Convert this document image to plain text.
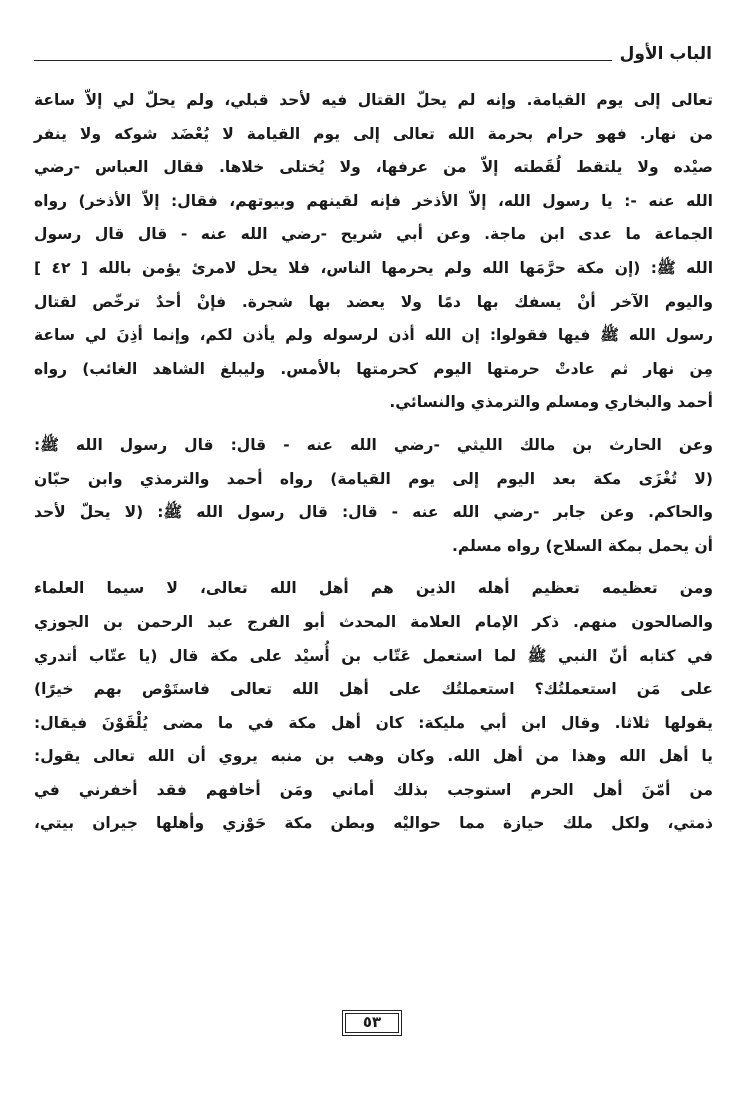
الباب الأول

تعالى إلى يوم القيامة. وإنه لم يحلّ القتال فيه لأحد قبلي، ولم يحلّ لي إلاّ ساعة
من نهار. فهو حرام بحرمة الله تعالى إلى يوم القيامة لا يُعْضَد شوكه ولا ينفر
صيْده ولا يلتقط لُقَطته إلاّ من عرفها، ولا يُختلى خلاها. فقال العباس -رضي
الله عنه -: يا رسول الله، إلاّ الأذخر فإنه لقينهم وبيوتهم، فقال: إلاّ الأذخر) رواه
الجماعة ما عدى ابن ماجة. وعن أبي شريح -رضي الله عنه - قال قال رسول
الله ﷺ: (إن مكة حرَّمَها الله ولم يحرمها الناس، فلا يحل لامرئ يؤمن بالله [ ٤٢ ]
واليوم الآخر أنْ يسفك بها دمًا ولا يعضد بها شجرة. فإنْ أحدٌ ترخّص لقتال
رسول الله ﷺ فيها فقولوا: إن الله أذن لرسوله ولم يأذن لكم، وإنما أذِنَ لي ساعة
مِن نهار ثم عادتْ حرمتها اليوم كحرمتها بالأمس. وليبلغ الشاهد الغائب) رواه
أحمد والبخاري ومسلم والترمذي والنسائي.

وعن الحارث بن مالك الليثي -رضي الله عنه - قال: قال رسول الله ﷺ:
(لا تُغْزَى مكة بعد اليوم إلى يوم القيامة) رواه أحمد والترمذي وابن حبّان
والحاكم. وعن جابر -رضي الله عنه - قال: قال رسول الله ﷺ: (لا يحلّ لأحد
أن يحمل بمكة السلاح) رواه مسلم.

ومن تعظيمه تعظيم أهله الذين هم أهل الله تعالى، لا سيما العلماء
والصالحون منهم. ذكر الإمام العلامة المحدث أبو الفرج عبد الرحمن بن الجوزي
في كتابه أنّ النبي ﷺ لما استعمل عَتّاب بن أُسيْد على مكة قال (يا عتّاب أتدري
على مَن استعملتُك؟ استعملتُك على أهل الله تعالى فاستَوْص بهم خيرًا)
يقولها ثلاثا. وقال ابن أبي مليكة: كان أهل مكة في ما مضى يُلْقَوْنَ فيقال:
يا أهل الله وهذا من أهل الله. وكان وهب بن منبه يروي أن الله تعالى يقول:
من أمّنَ أهل الحرم استوجب بذلك أماني ومَن أخافهم فقد أخفرني في
ذمتي، ولكل ملك حيازة مما حواليْه وبطن مكة حَوْزي وأهلها جيران بيتي،

٥٣
